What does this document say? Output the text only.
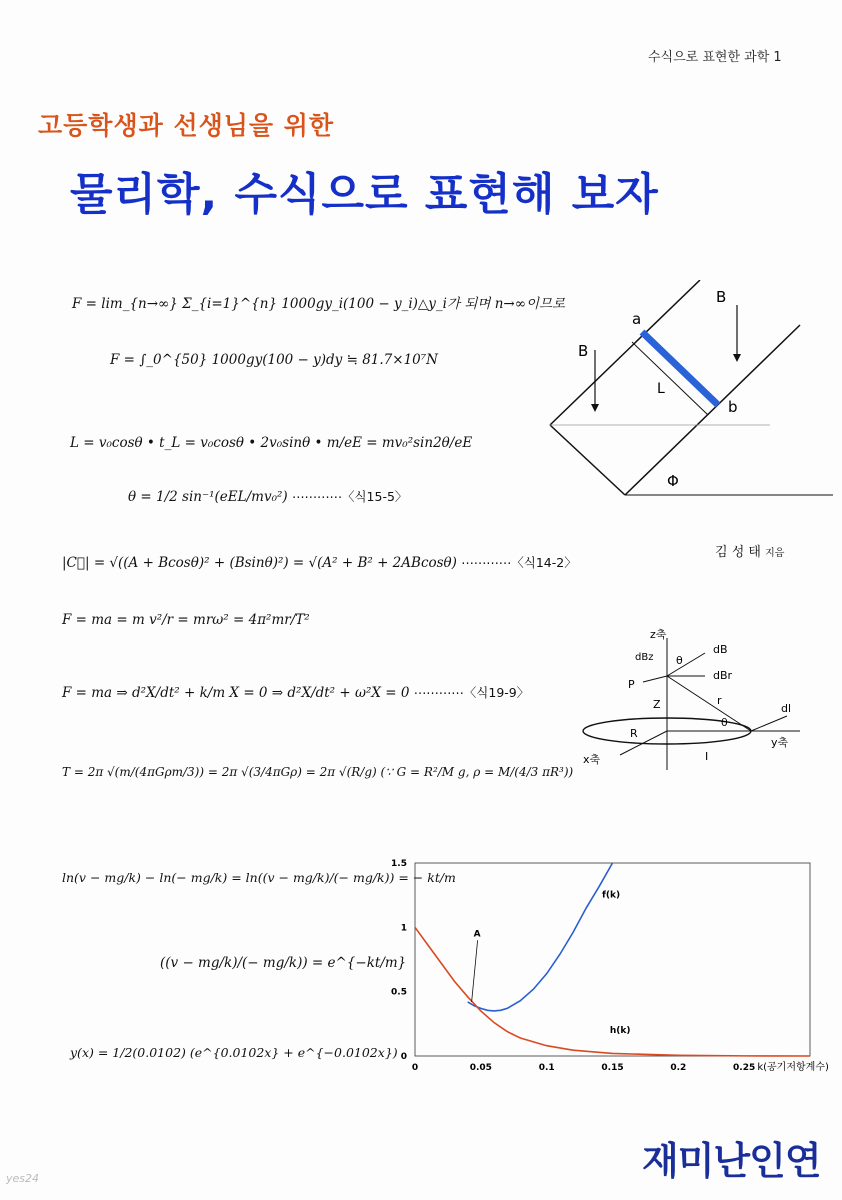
수식으로 표현한 과학 1
고등학생과 선생님을 위한
물리학, 수식으로 표현해 보자
F = lim_{n→∞} Σ_{i=1}^{n} 1000gy_i(100 − y_i)△y_i가 되며 n→∞이므로
F = ∫_0^{50} 1000gy(100 − y)dy ≒ 81.7×10⁷N
L = v₀cosθ • t_L = v₀cosθ • 2v₀sinθ • m/eE = mv₀²sin2θ/eE
θ = 1/2 sin⁻¹(eEL/mv₀²) ⋯⋯⋯⋯〈식15-5〉
|C⃗| = √((A + Bcosθ)² + (Bsinθ)²) = √(A² + B² + 2ABcosθ) ⋯⋯⋯⋯〈식14-2〉
F = ma = m v²/r = mrω² = 4π²mr/T²
F = ma ⇒ d²X/dt² + k/m X = 0 ⇒ d²X/dt² + ω²X = 0 ⋯⋯⋯⋯〈식19-9〉
T = 2π √(m/(4πGρm/3)) = 2π √(3/4πGρ) = 2π √(R/g) (∵ G = R²/M g, ρ = M/(4/3 πR³))
ln(v − mg/k) − ln(− mg/k) = ln((v − mg/k)/(− mg/k)) = − kt/m
((v − mg/k)/(− mg/k)) = e^{−kt/m}
y(x) = 1/2(0.0102) (e^{0.0102x} + e^{−0.0102x})
김 성 태 지음
a
b
B
B
L
Φ
z축
dB
dBz
dBr
θ
P
Z	r
dl
R
θ
x축
y축
I
0	0.05	0.1	0.15	0.2	0.25
0
0.5
1
1.5
k(공기저항계수)
f(k)
h(k)
A
재미난인연
yes24
